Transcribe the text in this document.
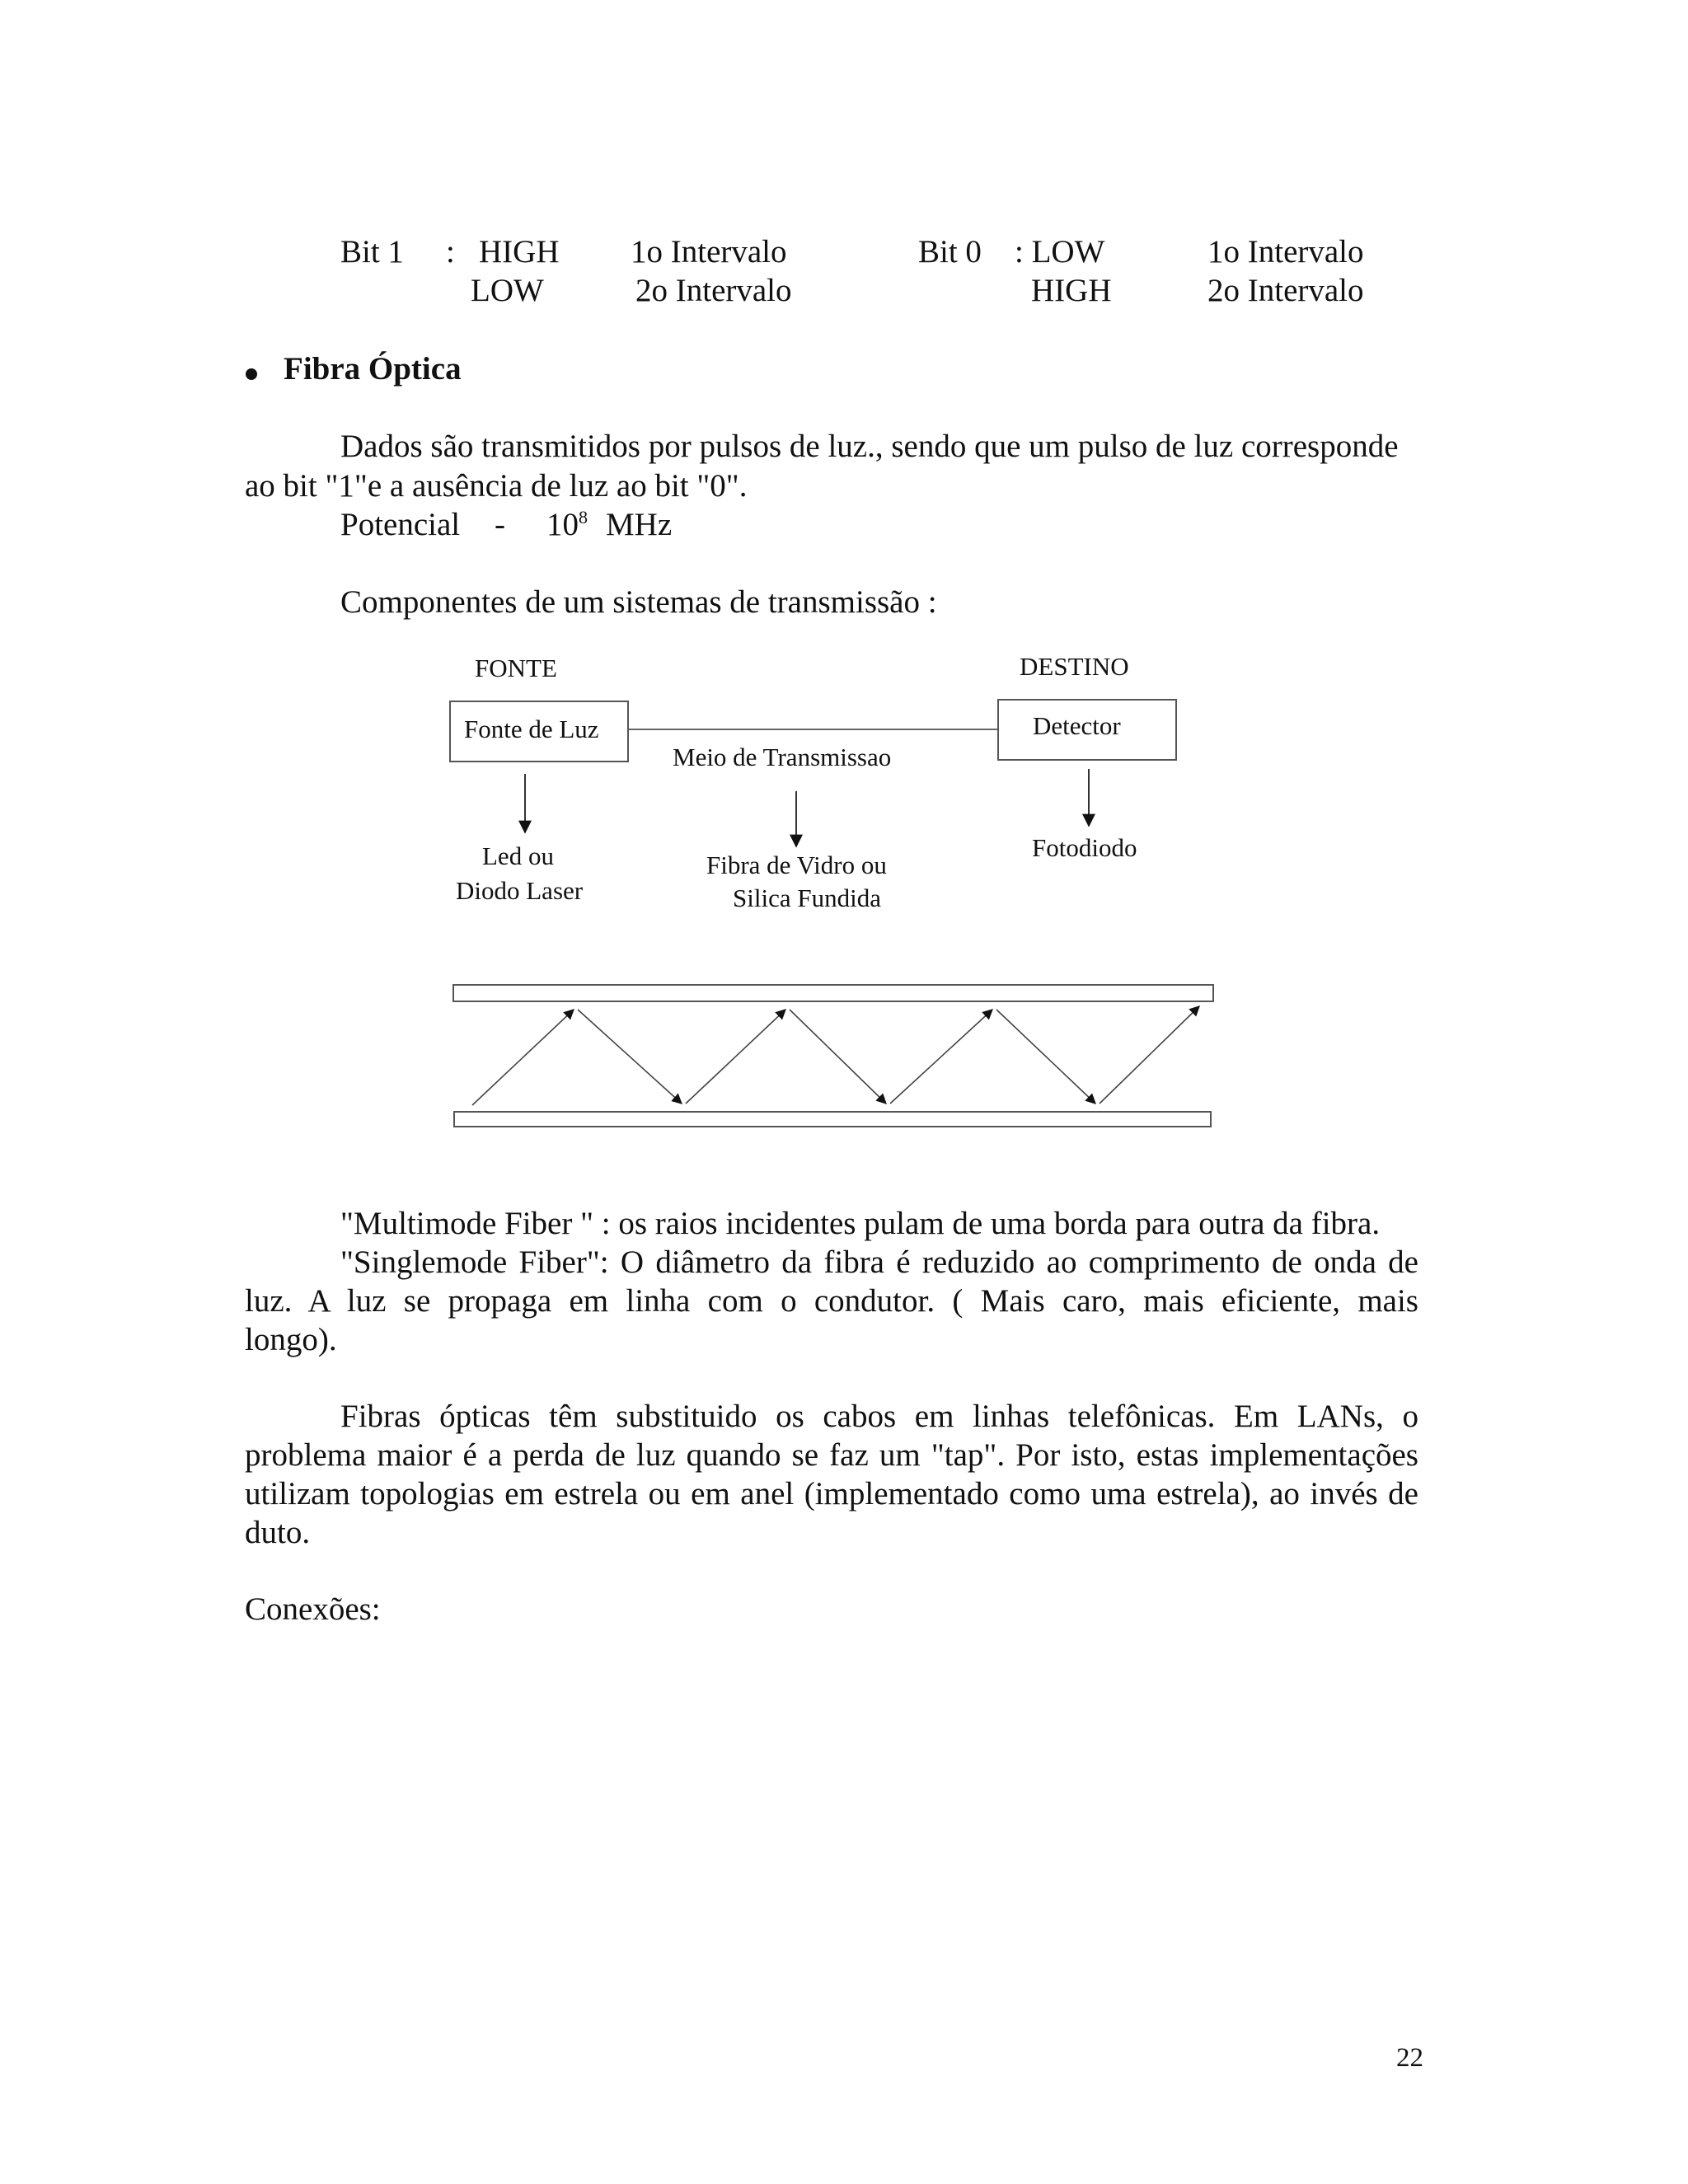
Bit 1 : HIGH 1o Intervalo
LOW	2o Intervalo
Bit 0 : LOW	1o Intervalo
HIGH	2o Intervalo
Fibra Óptica
Dados são transmitidos por pulsos de luz., sendo que um pulso de luz corresponde
ao bit "1"e a ausência de luz ao bit "0".
Potencial - $10^8$ MHz
Componentes de um sistemas de transmissão :
FONTE	DESTINO
Fonte de Luz	Detector
Meio de Transmissao
Led ou
Diodo Laser
Fibra de Vidro ou
Silica Fundida
Fotodiodo
"Multimode Fiber " : os raios incidentes pulam de uma borda para outra da fibra.
"Singlemode Fiber": O diâmetro da fibra é reduzido ao comprimento de onda de
luz. A luz se propaga em linha com o condutor. ( Mais caro, mais eficiente, mais
longo).
Fibras ópticas têm substituido os cabos em linhas telefônicas. Em LANs, o
problema maior é a perda de luz quando se faz um "tap". Por isto, estas implementações
utilizam topologias em estrela ou em anel (implementado como uma estrela), ao invés de
duto.
Conexões:
22
